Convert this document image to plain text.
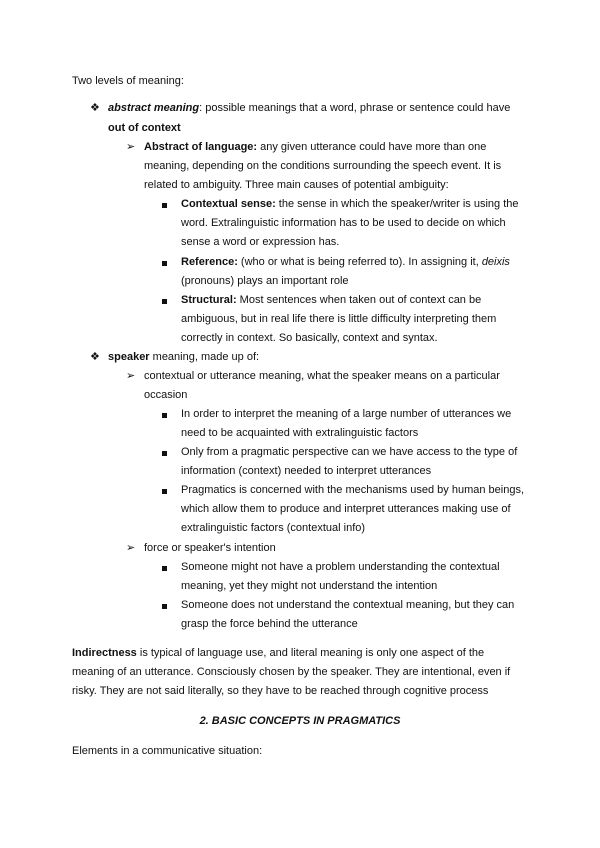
Two levels of meaning:
❖ abstract meaning: possible meanings that a word, phrase or sentence could have
out of context
➢ Abstract of language: any given utterance could have more than one
meaning, depending on the conditions surrounding the speech event. It is
related to ambiguity. Three main causes of potential ambiguity:
Contextual sense: the sense in which the speaker/writer is using the
word. Extralinguistic information has to be used to decide on which
sense a word or expression has.
Reference: (who or what is being referred to). In assigning it, deixis
(pronouns) plays an important role
Structural: Most sentences when taken out of context can be
ambiguous, but in real life there is little difficulty interpreting them
correctly in context. So basically, context and syntax.
❖ speaker meaning, made up of:
➢ contextual or utterance meaning, what the speaker means on a particular
occasion
In order to interpret the meaning of a large number of utterances we
need to be acquainted with extralinguistic factors
Only from a pragmatic perspective can we have access to the type of
information (context) needed to interpret utterances
Pragmatics is concerned with the mechanisms used by human beings,
which allow them to produce and interpret utterances making use of
extralinguistic factors (contextual info)
➢ force or speaker's intention
Someone might not have a problem understanding the contextual
meaning, yet they might not understand the intention
Someone does not understand the contextual meaning, but they can
grasp the force behind the utterance
Indirectness is typical of language use, and literal meaning is only one aspect of the
meaning of an utterance. Consciously chosen by the speaker. They are intentional, even if
risky. They are not said literally, so they have to be reached through cognitive process
2. BASIC CONCEPTS IN PRAGMATICS
Elements in a communicative situation:
